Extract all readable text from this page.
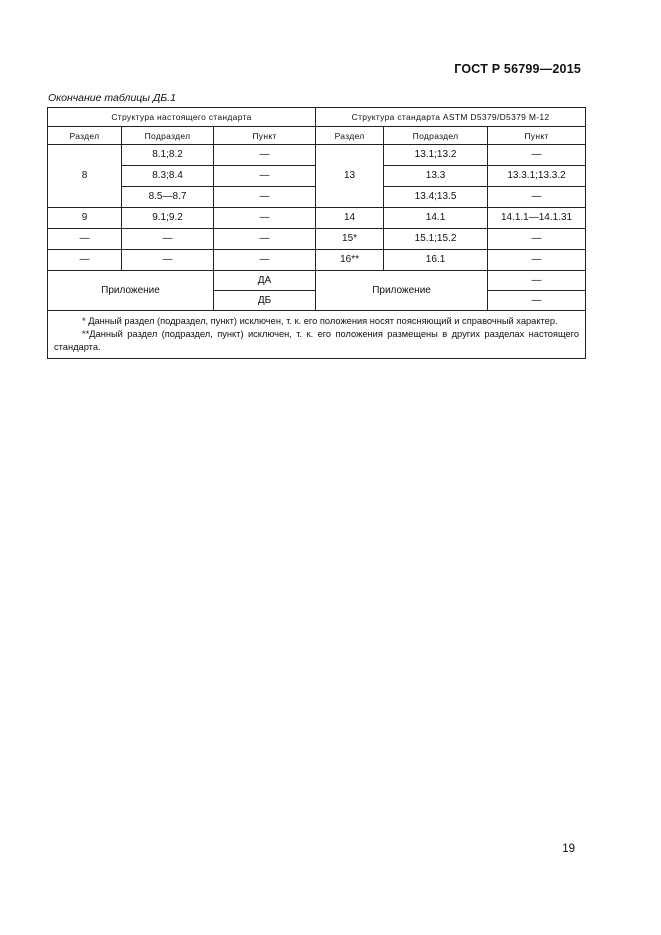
ГОСТ Р 56799—2015
Окончание таблицы ДБ.1
Структура настоящего стандарта			Структура стандарта ASTM D5379/D5379 M-12		
Раздел	Подраздел	Пункт	Раздел	Подраздел	Пункт
8	8.1;8.2	—	13	13.1;13.2	—
	8.3;8.4	—		13.3	13.3.1;13.3.2
	8.5—8.7	—		13.4;13.5	—
9	9.1;9.2	—	14	14.1	14.1.1—14.1.31
—	—	—	15*	15.1;15.2	—
—	—	—	16**	16.1	—
Приложение		ДА	Приложение		—
		ДБ			—

* Данный раздел (подраздел, пункт) исключен, т. к. его положения носят поясняющий и справочный характер.
**Данный раздел (подраздел, пункт) исключен, т. к. его положения размещены в других разделах настоящего стандарта.					
19
